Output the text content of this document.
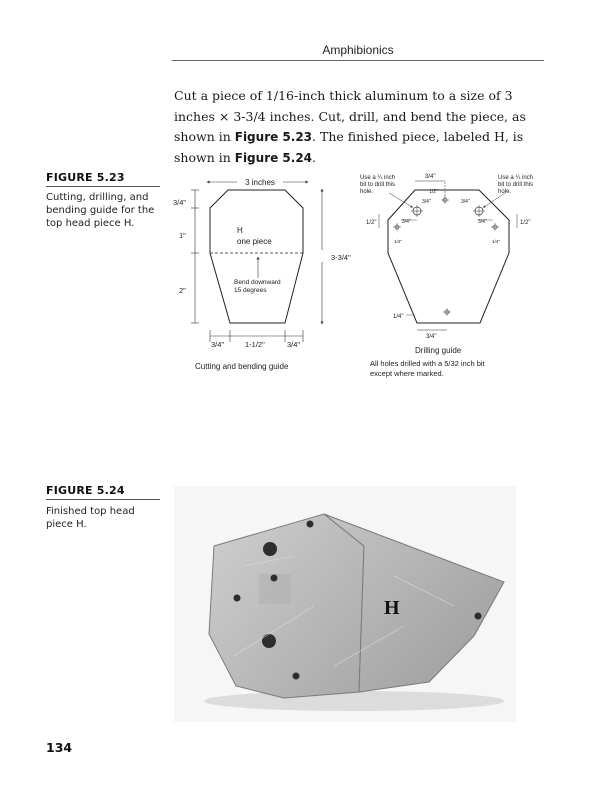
Amphibionics

Cut a piece of 1/16-inch thick aluminum to a size of 3 inches × 3-3/4 inches. Cut, drill, and bend the piece, as shown in Figure 5.23. The finished piece, labeled H, is shown in Figure 5.24.

FIGURE 5.23
Cutting, drilling, and bending guide for the top head piece H.
3 inches
3/4"
1"
2"
3-3/4"
H
one piece
Bend downward
15 degrees
3/4"	1-1/2"	3/4"
Cutting and bending guide
Use a ¼ inch
bit to drill this
hole.
Use a ¼ inch
bit to drill this
hole.
3/4"
1/2"
3/4"	3/4"
1/2"	1/2"
3/4"	3/4"
1/4"	1/4"
1/4"
3/4"
Drilling guide
All holes drilled with a 5/32 inch bit
except where marked.
FIGURE 5.24
Finished top head piece H.
H
134
